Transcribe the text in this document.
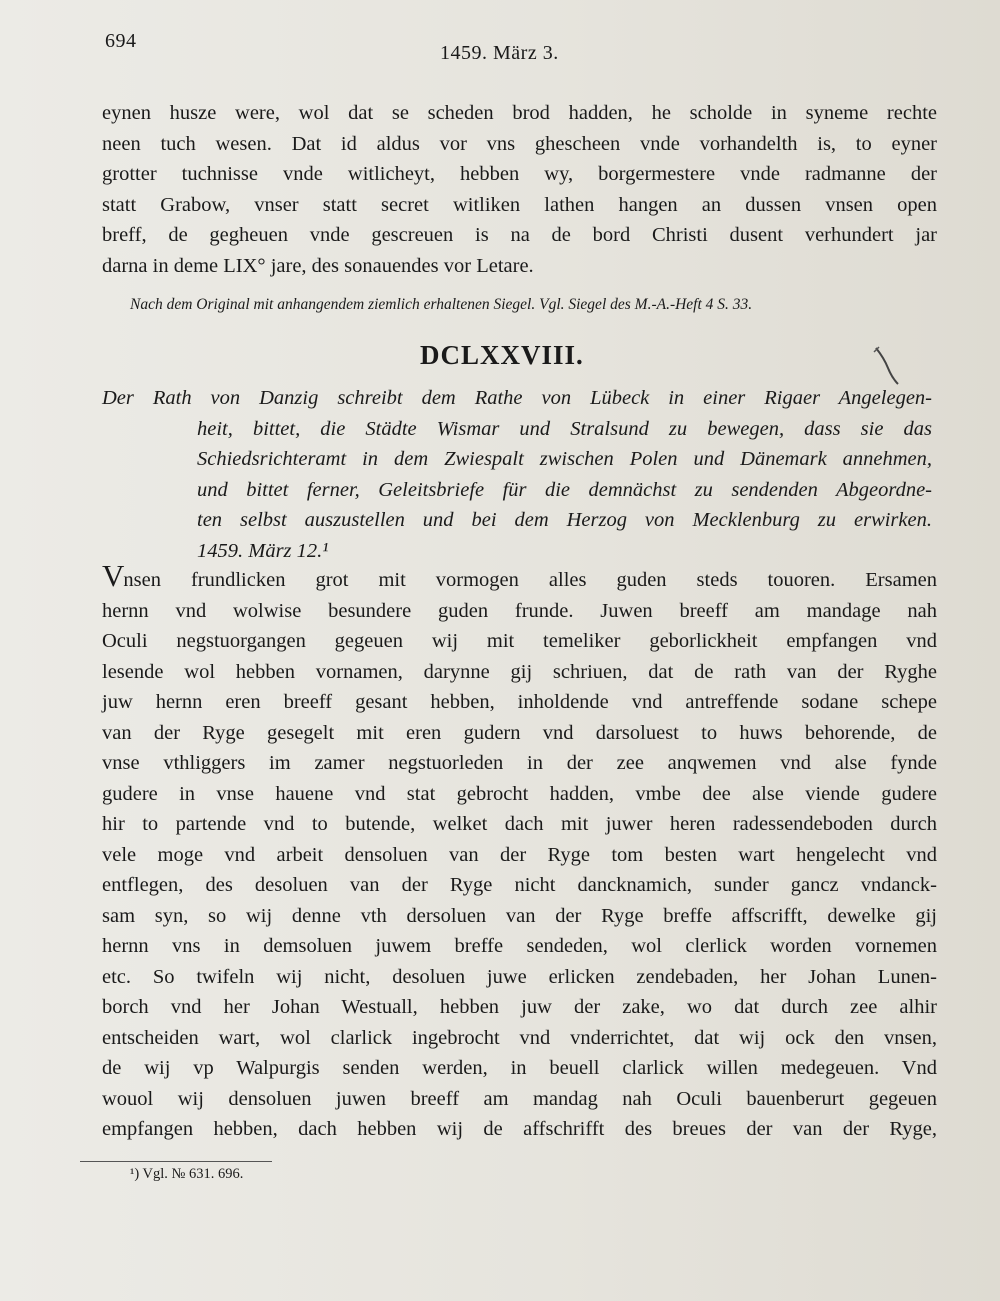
694
1459. März 3.
eynen husze were, wol dat se scheden brod hadden, he scholde in syneme rechte
neen tuch wesen. Dat id aldus vor vns ghescheen vnde vorhandelth is, to eyner
grotter tuchnisse vnde witlicheyt, hebben wy, borgermestere vnde radmanne der
statt Grabow, vnser statt secret witliken lathen hangen an dussen vnsen open
breff, de gegheuen vnde gescreuen is na de bord Christi dusent verhundert jar
darna in deme LIX° jare, des sonauendes vor Letare.
Nach dem Original mit anhangendem ziemlich erhaltenen Siegel. Vgl. Siegel des M.-A.-Heft 4 S. 33.
DCLXXVIII.
Der Rath von Danzig schreibt dem Rathe von Lübeck in einer Rigaer Angelegen-
heit, bittet, die Städte Wismar und Stralsund zu bewegen, dass sie das
Schiedsrichteramt in dem Zwiespalt zwischen Polen und Dänemark annehmen,
und bittet ferner, Geleitsbriefe für die demnächst zu sendenden Abgeordne-
ten selbst auszustellen und bei dem Herzog von Mecklenburg zu erwirken.
1459. März 12.¹
Vnsen frundlicken grot mit vormogen alles guden steds touoren. Ersamen
hernn vnd wolwise besundere guden frunde. Juwen breeff am mandage nah
Oculi negstuorgangen gegeuen wij mit temeliker geborlickheit empfangen vnd
lesende wol hebben vornamen, darynne gij schriuen, dat de rath van der Ryghe
juw hernn eren breeff gesant hebben, inholdende vnd antreffende sodane schepe
van der Ryge gesegelt mit eren gudern vnd darsoluest to huws behorende, de
vnse vthliggers im zamer negstuorleden in der zee anqwemen vnd alse fynde
gudere in vnse hauene vnd stat gebrocht hadden, vmbe dee alse viende gudere
hir to partende vnd to butende, welket dach mit juwer heren radessendeboden durch
vele moge vnd arbeit densoluen van der Ryge tom besten wart hengelecht vnd
entflegen, des desoluen van der Ryge nicht dancknamich, sunder gancz vndanck-
sam syn, so wij denne vth dersoluen van der Ryge breffe affscrifft, dewelke gij
hernn vns in demsoluen juwem breffe sendeden, wol clerlick worden vornemen
etc. So twifeln wij nicht, desoluen juwe erlicken zendebaden, her Johan Lunen-
borch vnd her Johan Westuall, hebben juw der zake, wo dat durch zee alhir
entscheiden wart, wol clarlick ingebrocht vnd vnderrichtet, dat wij ock den vnsen,
de wij vp Walpurgis senden werden, in beuell clarlick willen medegeuen. Vnd
wouol wij densoluen juwen breeff am mandag nah Oculi bauenberurt gegeuen
empfangen hebben, dach hebben wij de affschrifft des breues der van der Ryge,
¹) Vgl. № 631. 696.
